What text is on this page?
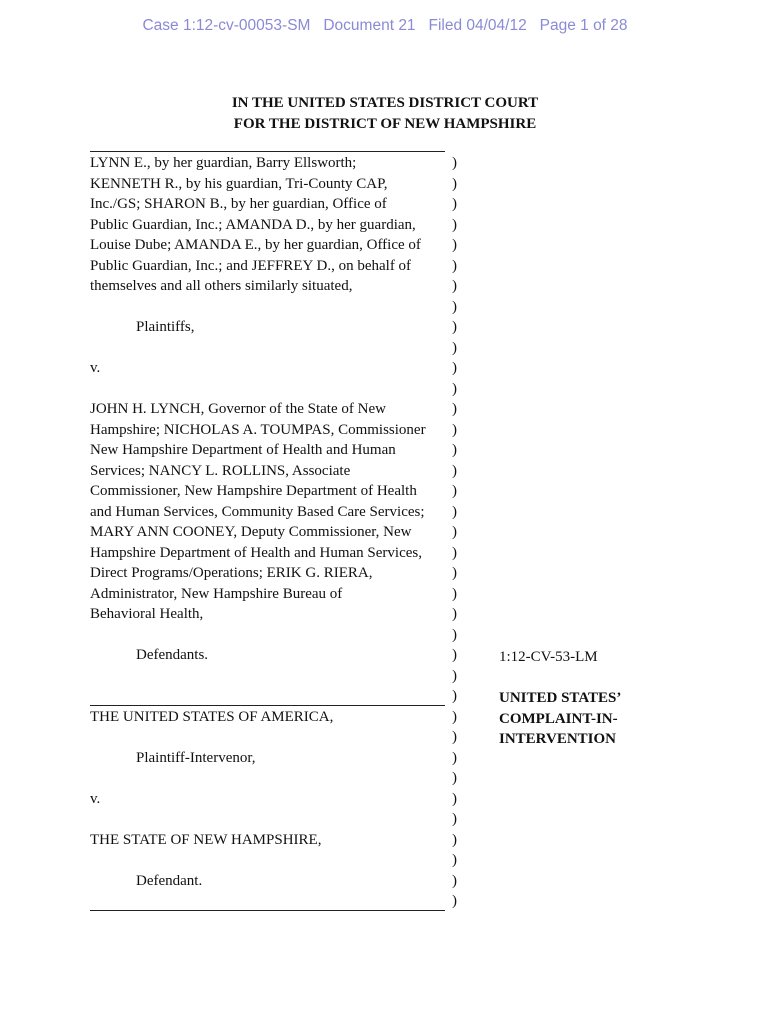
Case 1:12-cv-00053-SM   Document 21   Filed 04/04/12   Page 1 of 28
IN THE UNITED STATES DISTRICT COURT
FOR THE DISTRICT OF NEW HAMPSHIRE
LYNN E., by her guardian, Barry Ellsworth;
KENNETH R., by his guardian, Tri-County CAP,
Inc./GS; SHARON B., by her guardian, Office of
Public Guardian, Inc.; AMANDA D., by her guardian,
Louise Dube; AMANDA E., by her guardian, Office of
Public Guardian, Inc.; and JEFFREY D., on behalf of
themselves and all others similarly situated,
Plaintiffs,
v.
JOHN H. LYNCH, Governor of the State of New
Hampshire; NICHOLAS A. TOUMPAS, Commissioner
New Hampshire Department of Health and Human
Services; NANCY L. ROLLINS, Associate
Commissioner, New Hampshire Department of Health
and Human Services, Community Based Care Services;
MARY ANN COONEY, Deputy Commissioner, New
Hampshire Department of Health and Human Services,
Direct Programs/Operations; ERIK G. RIERA,
Administrator, New Hampshire Bureau of
Behavioral Health,
Defendants.
THE UNITED STATES OF AMERICA,
Plaintiff-Intervenor,
v.
THE STATE OF NEW HAMPSHIRE,
Defendant.
)
)
)
)
)
)
)
)
)
)
)
)
)
)
)
)
)
)
)
)
)
)
)
)
)
)
)
)
)
)
)
)
)
)
)
)
)
1:12-CV-53-LM
UNITED STATES’
COMPLAINT-IN-
INTERVENTION
